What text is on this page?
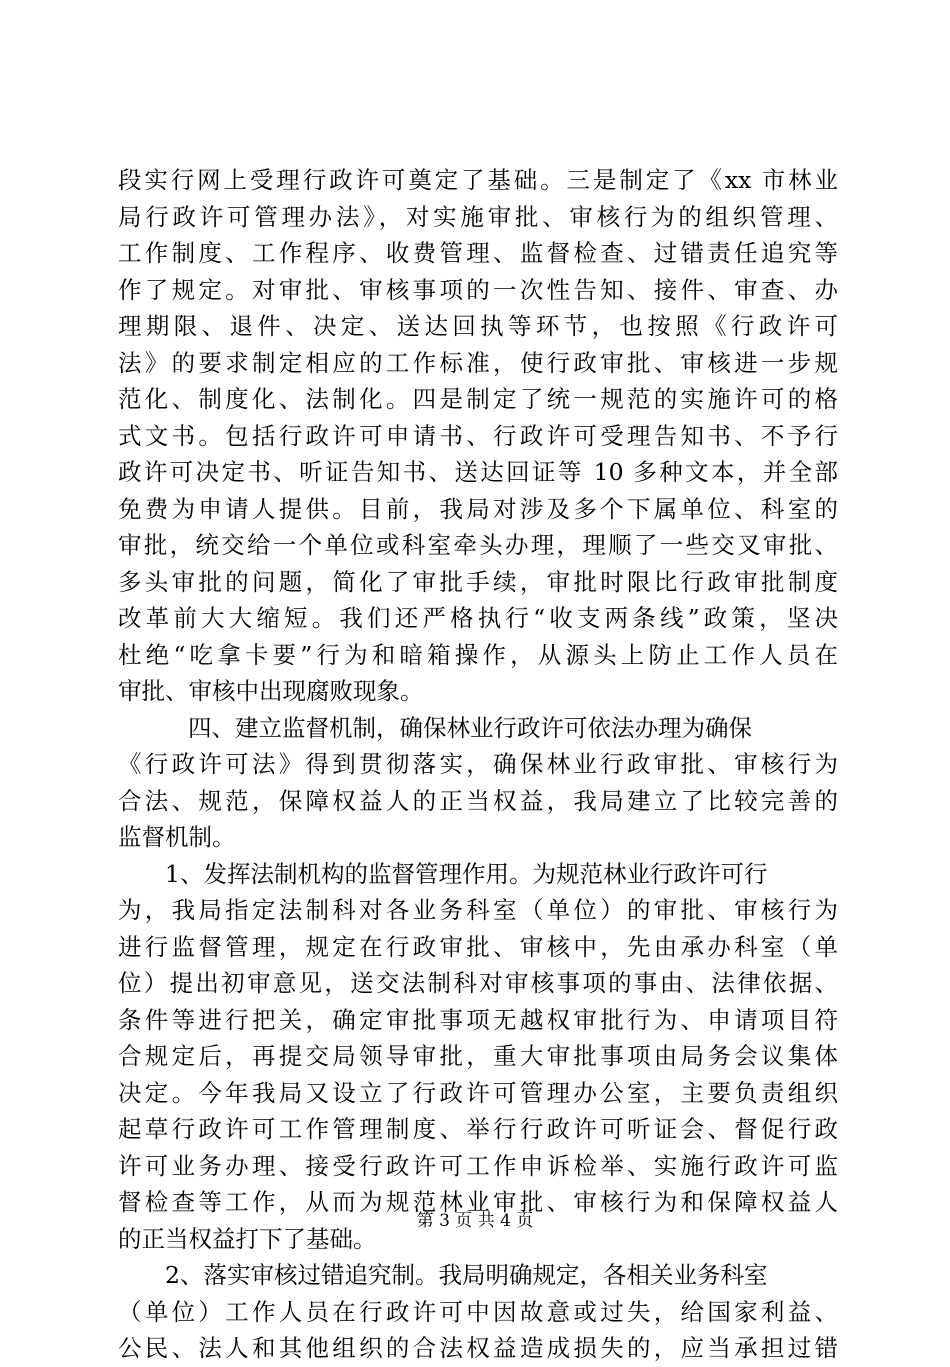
段实行网上受理行政许可奠定了基础。三是制定了《xx 市林业
局行政许可管理办法》，对实施审批、审核行为的组织管理、
工作制度、工作程序、收费管理、监督检查、过错责任追究等
作了规定。对审批、审核事项的一次性告知、接件、审查、办
理期限、退件、决定、送达回执等环节，也按照《行政许可
法》的要求制定相应的工作标准，使行政审批、审核进一步规
范化、制度化、法制化。四是制定了统一规范的实施许可的格
式文书。包括行政许可申请书、行政许可受理告知书、不予行
政许可决定书、听证告知书、送达回证等 10 多种文本，并全部
免费为申请人提供。目前，我局对涉及多个下属单位、科室的
审批，统交给一个单位或科室牵头办理，理顺了一些交叉审批、
多头审批的问题，简化了审批手续，审批时限比行政审批制度
改革前大大缩短。我们还严格执行“收支两条线”政策，坚决
杜绝“吃拿卡要”行为和暗箱操作，从源头上防止工作人员在
审批、审核中出现腐败现象。
四、建立监督机制，确保林业行政许可依法办理为确保
《行政许可法》得到贯彻落实，确保林业行政审批、审核行为
合法、规范，保障权益人的正当权益，我局建立了比较完善的
监督机制。
1、发挥法制机构的监督管理作用。为规范林业行政许可行
为，我局指定法制科对各业务科室（单位）的审批、审核行为
进行监督管理，规定在行政审批、审核中，先由承办科室（单
位）提出初审意见，送交法制科对审核事项的事由、法律依据、
条件等进行把关，确定审批事项无越权审批行为、申请项目符
合规定后，再提交局领导审批，重大审批事项由局务会议集体
决定。今年我局又设立了行政许可管理办公室，主要负责组织
起草行政许可工作管理制度、举行行政许可听证会、督促行政
许可业务办理、接受行政许可工作申诉检举、实施行政许可监
督检查等工作，从而为规范林业审批、审核行为和保障权益人
的正当权益打下了基础。
2、落实审核过错追究制。我局明确规定，各相关业务科室
（单位）工作人员在行政许可中因故意或过失，给国家利益、
公民、法人和其他组织的合法权益造成损失的，应当承担过错
第 3 页 共 4 页
